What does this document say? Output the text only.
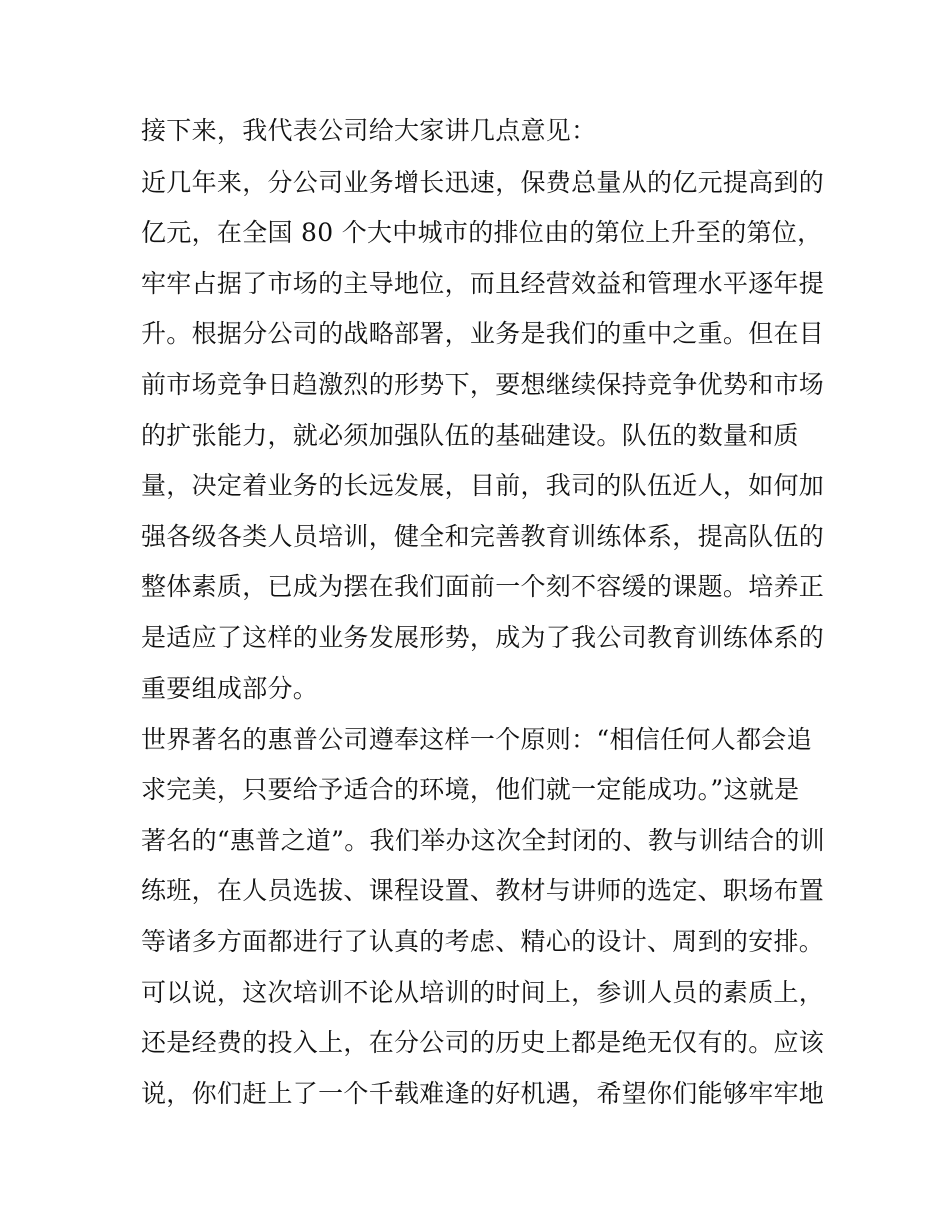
接下来，我代表公司给大家讲几点意见：
近几年来，分公司业务增长迅速，保费总量从的亿元提高到的
亿元，在全国 80 个大中城市的排位由的第位上升至的第位，
牢牢占据了市场的主导地位，而且经营效益和管理水平逐年提
升。根据分公司的战略部署，业务是我们的重中之重。但在目
前市场竞争日趋激烈的形势下，要想继续保持竞争优势和市场
的扩张能力，就必须加强队伍的基础建设。队伍的数量和质
量，决定着业务的长远发展，目前，我司的队伍近人，如何加
强各级各类人员培训，健全和完善教育训练体系，提高队伍的
整体素质，已成为摆在我们面前一个刻不容缓的课题。培养正
是适应了这样的业务发展形势，成为了我公司教育训练体系的
重要组成部分。
世界著名的惠普公司遵奉这样一个原则：“相信任何人都会追
求完美，只要给予适合的环境，他们就一定能成功。”这就是
著名的“惠普之道”。我们举办这次全封闭的、教与训结合的训
练班，在人员选拔、课程设置、教材与讲师的选定、职场布置
等诸多方面都进行了认真的考虑、精心的设计、周到的安排。
可以说，这次培训不论从培训的时间上，参训人员的素质上，
还是经费的投入上，在分公司的历史上都是绝无仅有的。应该
说，你们赶上了一个千载难逢的好机遇，希望你们能够牢牢地
